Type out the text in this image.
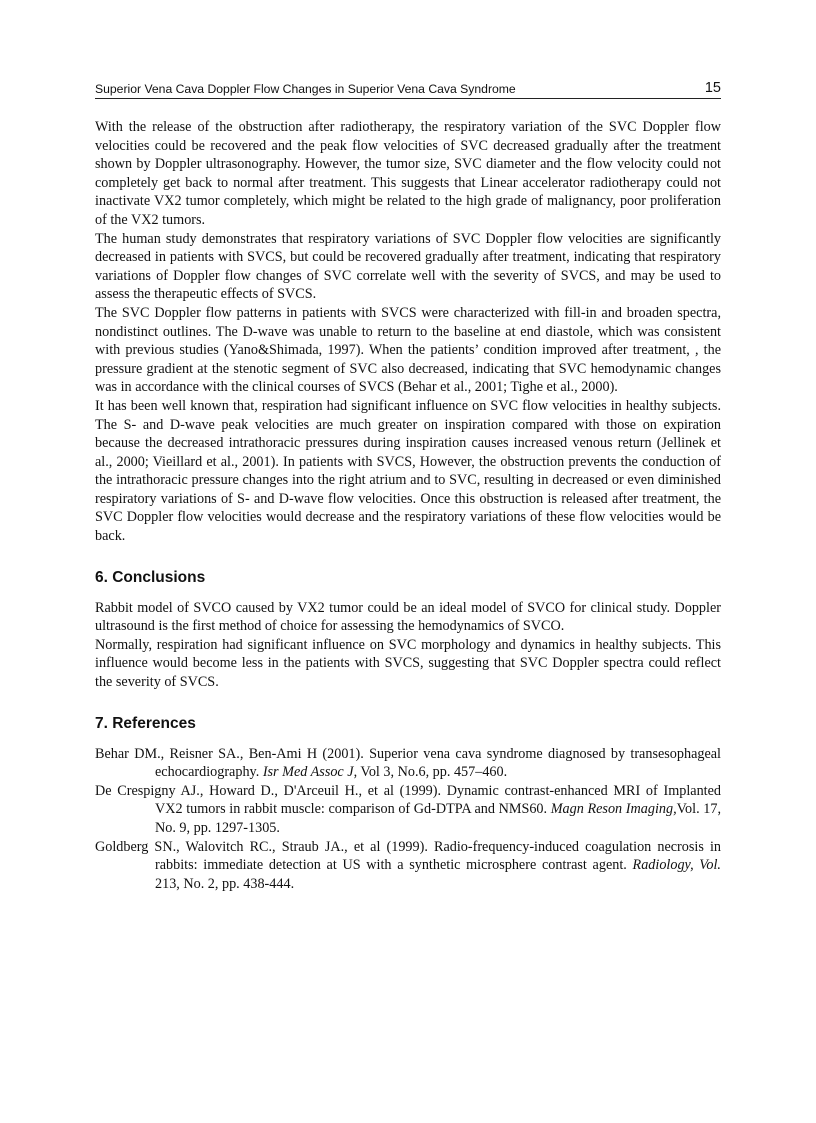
Superior Vena Cava Doppler Flow Changes in Superior Vena Cava Syndrome	15

With the release of the obstruction after radiotherapy, the respiratory variation of the SVC Doppler flow velocities could be recovered and the peak flow velocities of SVC decreased gradually after the treatment shown by Doppler ultrasonography. However, the tumor size, SVC diameter and the flow velocity could not completely get back to normal after treatment. This suggests that Linear accelerator radiotherapy could not inactivate VX2 tumor completely, which might be related to the high grade of malignancy, poor proliferation of the VX2 tumors.

The human study demonstrates that respiratory variations of SVC Doppler flow velocities are significantly decreased in patients with SVCS, but could be recovered gradually after treatment, indicating that respiratory variations of Doppler flow changes of SVC correlate well with the severity of SVCS, and may be used to assess the therapeutic effects of SVCS.

The SVC Doppler flow patterns in patients with SVCS were characterized with fill-in and broaden spectra, nondistinct outlines. The D-wave was unable to return to the baseline at end diastole, which was consistent with previous studies (Yano&Shimada, 1997). When the patients’ condition improved after treatment, , the pressure gradient at the stenotic segment of SVC also decreased, indicating that SVC hemodynamic changes was in accordance with the clinical courses of SVCS (Behar et al., 2001; Tighe et al., 2000).

It has been well known that, respiration had significant influence on SVC flow velocities in healthy subjects. The S- and D-wave peak velocities are much greater on inspiration compared with those on expiration because the decreased intrathoracic pressures during inspiration causes increased venous return (Jellinek et al., 2000; Vieillard et al., 2001). In patients with SVCS, However, the obstruction prevents the conduction of the intrathoracic pressure changes into the right atrium and to SVC, resulting in decreased or even diminished respiratory variations of S- and D-wave flow velocities. Once this obstruction is released after treatment, the SVC Doppler flow velocities would decrease and the respiratory variations of these flow velocities would be back.

6. Conclusions

Rabbit model of SVCO caused by VX2 tumor could be an ideal model of SVCO for clinical study. Doppler ultrasound is the first method of choice for assessing the hemodynamics of SVCO.

Normally, respiration had significant influence on SVC morphology and dynamics in healthy subjects. This influence would become less in the patients with SVCS, suggesting that SVC Doppler spectra could reflect the severity of SVCS.

7. References

Behar DM., Reisner SA., Ben-Ami H (2001). Superior vena cava syndrome diagnosed by transesophageal echocardiography. Isr Med Assoc J, Vol 3, No.6, pp. 457–460.

De Crespigny AJ., Howard D., D'Arceuil H., et al (1999). Dynamic contrast-enhanced MRI of Implanted VX2 tumors in rabbit muscle: comparison of Gd-DTPA and NMS60. Magn Reson Imaging,Vol. 17, No. 9, pp. 1297-1305.

Goldberg SN., Walovitch RC., Straub JA., et al (1999). Radio-frequency-induced coagulation necrosis in rabbits: immediate detection at US with a synthetic microsphere contrast agent. Radiology, Vol. 213, No. 2, pp. 438-444.
